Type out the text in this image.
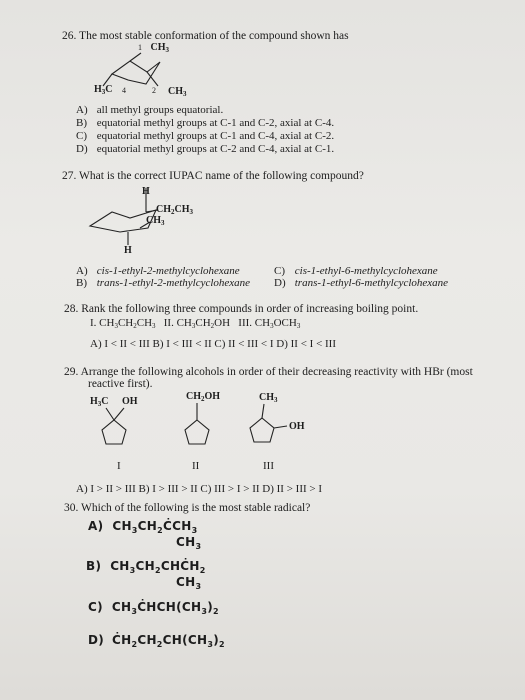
26. The most stable conformation of the compound shown has
1 $CH_3$
$H_3C$ 4	2 $CH_3$
A) all methyl groups equatorial.
B) equatorial methyl groups at C-1 and C-2, axial at C-4.
C) equatorial methyl groups at C-1 and C-4, axial at C-2.
D) equatorial methyl groups at C-2 and C-4, axial at C-1.
27. What is the correct IUPAC name of the following compound?
H
$CH_2CH_3$
$CH_3$
H
A) cis-1-ethyl-2-methylcyclohexane
B) trans-1-ethyl-2-methylcyclohexane
C) cis-1-ethyl-6-methylcyclohexane
D) trans-1-ethyl-6-methylcyclohexane
28. Rank the following three compounds in order of increasing boiling point.
I. $CH_3CH_2CH_3$ II. $CH_3CH_2OH$   III. $CH_3OCH_3$
A) I < II < III B) I < III < II C) II < III < I D) II < I < III
29. Arrange the following alcohols in order of their decreasing reactivity with HBr (most
reactive first).
$H_3C$ OH	$CH_2OH$	$CH_3$
OH
I	II	III
A) I > II > III B) I > III > II C) III > I > II D) II > III > I
30. Which of the following is the most stable radical?
A) $CH_3CH_2ĊCH_3$
$CH_3$
B) $CH_3CH_2CHĊH_2$
$CH_3$
C) $CH_3ĊHCH(CH_3)_2$
D) $ĊH_2CH_2CH(CH_3)_2$
